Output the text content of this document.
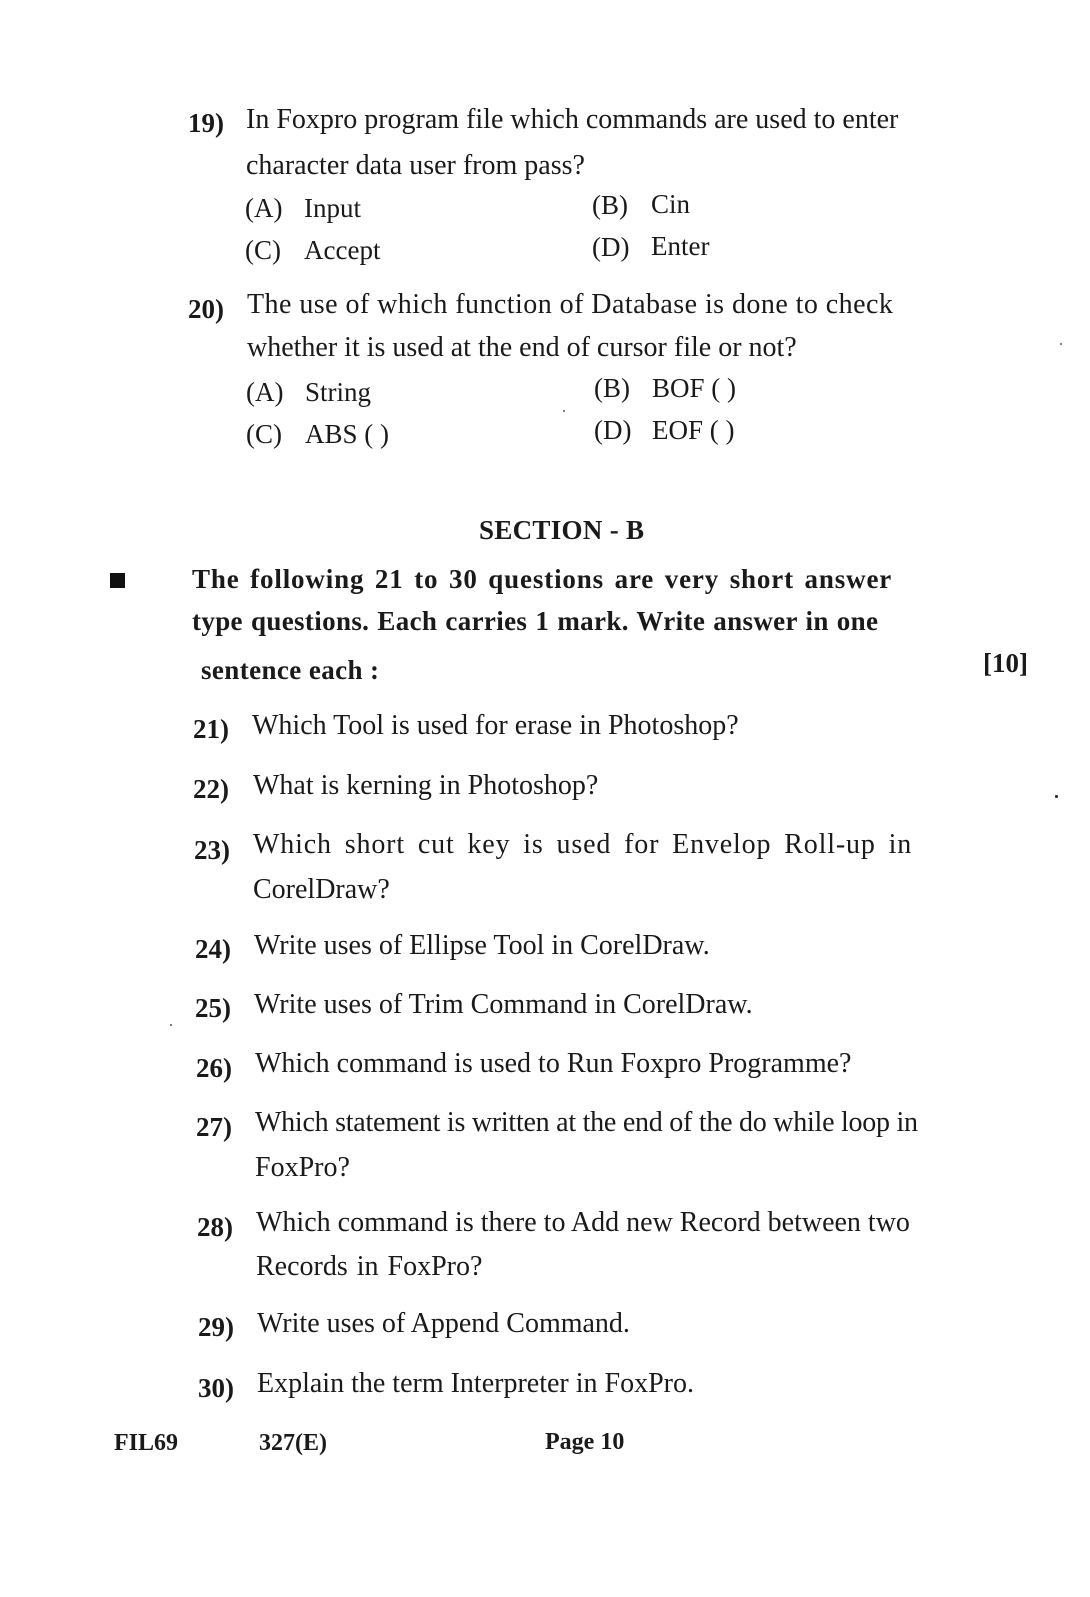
19) In Foxpro program file which commands are used to enter
character data user from pass?
(A) Input	(B) Cin
(C) Accept	(D) Enter
20) The use of which function of Database is done to check
whether it is used at the end of cursor file or not?
(A) String	(B) BOF ( )
(C) ABS ( )	(D) EOF ( )
SECTION - B
The following 21 to 30 questions are very short answer
type questions. Each carries 1 mark. Write answer in one
sentence each :	[10]
21) Which Tool is used for erase in Photoshop?
22) What is kerning in Photoshop?
23) Which short cut key is used for Envelop Roll-up in
CorelDraw?
24) Write uses of Ellipse Tool in CorelDraw.
25) Write uses of Trim Command in CorelDraw.
26) Which command is used to Run Foxpro Programme?
27) Which statement is written at the end of the do while loop in
FoxPro?
28) Which command is there to Add new Record between two
Records in FoxPro?
29) Write uses of Append Command.
30) Explain the term Interpreter in FoxPro.
FIL69	327(E)	Page 10
